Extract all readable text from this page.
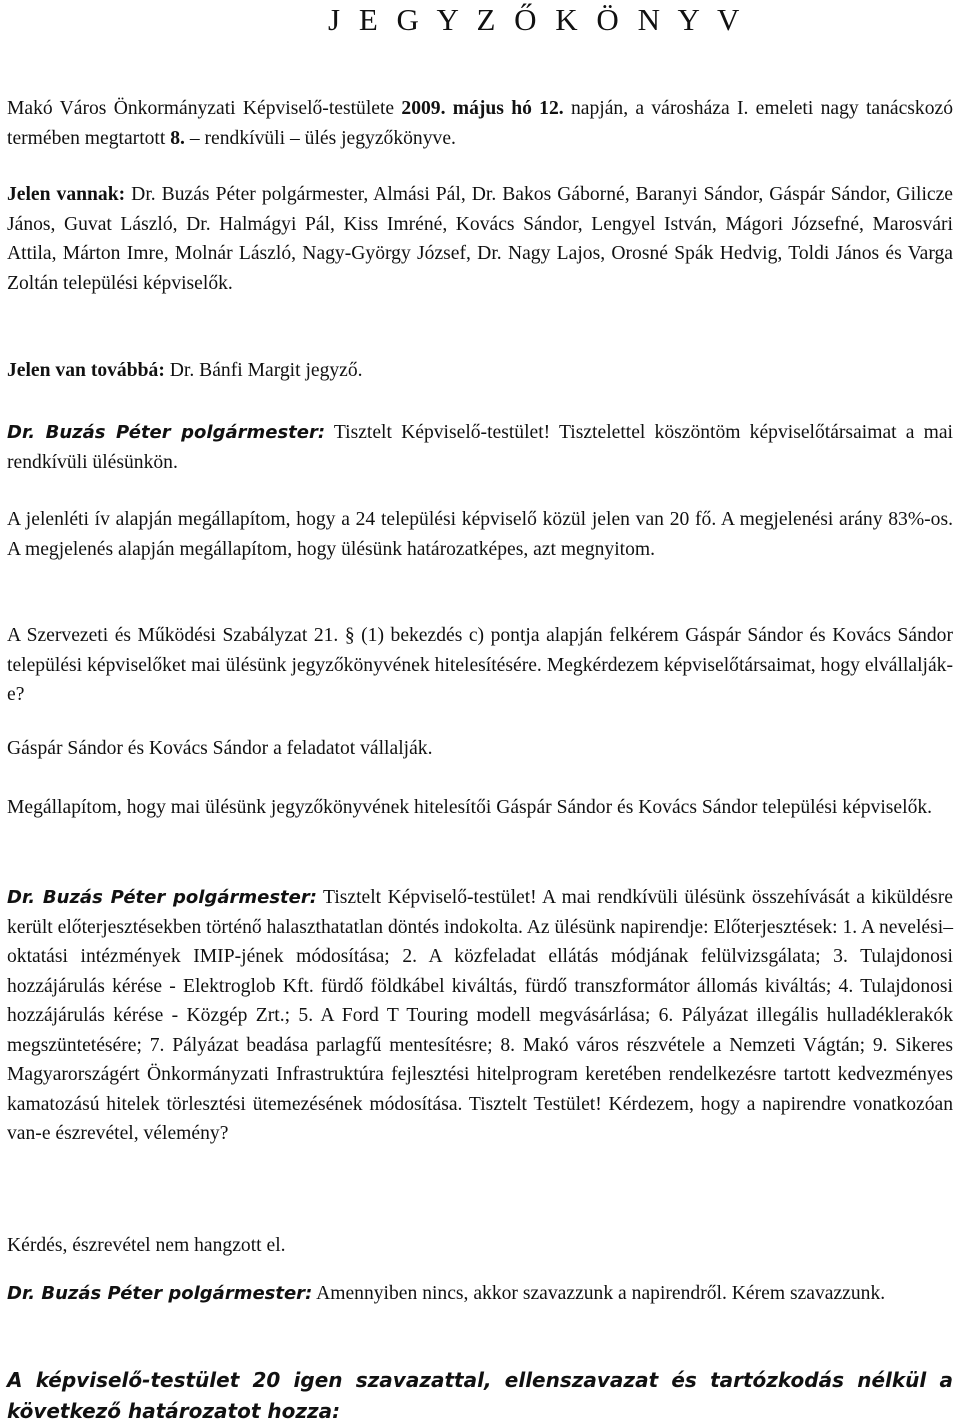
J E G Y Z Ő K Ö N Y V

Makó Város Önkormányzati Képviselő-testülete 2009. május hó 12. napján, a városháza I. emeleti nagy tanácskozó termében megtartott 8. – rendkívüli – ülés jegyzőkönyve.

Jelen vannak: Dr. Buzás Péter polgármester, Almási Pál, Dr. Bakos Gáborné, Baranyi Sándor, Gáspár Sándor, Gilicze János, Guvat László, Dr. Halmágyi Pál, Kiss Imréné, Kovács Sándor, Lengyel István, Mágori Józsefné, Marosvári Attila, Márton Imre, Molnár László, Nagy-György József, Dr. Nagy Lajos, Orosné Spák Hedvig, Toldi János és Varga Zoltán települési képviselők.

Jelen van továbbá: Dr. Bánfi Margit jegyző.

Dr. Buzás Péter polgármester: Tisztelt Képviselő-testület! Tisztelettel köszöntöm képviselőtársaimat a mai rendkívüli ülésünkön.

A jelenléti ív alapján megállapítom, hogy a 24 települési képviselő közül jelen van 20 fő. A megjelenési arány 83%-os. A megjelenés alapján megállapítom, hogy ülésünk határozatképes, azt megnyitom.

A Szervezeti és Működési Szabályzat 21. § (1) bekezdés c) pontja alapján felkérem Gáspár Sándor és Kovács Sándor települési képviselőket mai ülésünk jegyzőkönyvének hitelesítésére. Megkérdezem képviselőtársaimat, hogy elvállalják-e?

Gáspár Sándor és Kovács Sándor a feladatot vállalják.

Megállapítom, hogy mai ülésünk jegyzőkönyvének hitelesítői Gáspár Sándor és Kovács Sándor települési képviselők.

Dr. Buzás Péter polgármester: Tisztelt Képviselő-testület! A mai rendkívüli ülésünk összehívását a kiküldésre került előterjesztésekben történő halaszthatatlan döntés indokolta. Az ülésünk napirendje: Előterjesztések: 1. A nevelési–oktatási intézmények IMIP-jének módosítása; 2. A közfeladat ellátás módjának felülvizsgálata; 3. Tulajdonosi hozzájárulás kérése - Elektroglob Kft. fürdő földkábel kiváltás, fürdő transzformátor állomás kiváltás; 4. Tulajdonosi hozzájárulás kérése - Közgép Zrt.; 5. A Ford T Touring modell megvásárlása; 6. Pályázat illegális hulladéklerakók megszüntetésére; 7. Pályázat beadása parlagfű mentesítésre; 8. Makó város részvétele a Nemzeti Vágtán; 9. Sikeres Magyarországért Önkormányzati Infrastruktúra fejlesztési hitelprogram keretében rendelkezésre tartott kedvezményes kamatozású hitelek törlesztési ütemezésének módosítása. Tisztelt Testület! Kérdezem, hogy a napirendre vonatkozóan van-e észrevétel, vélemény?

Kérdés, észrevétel nem hangzott el.

Dr. Buzás Péter polgármester: Amennyiben nincs, akkor szavazzunk a napirendről. Kérem szavazzunk.

A képviselő-testület 20 igen szavazattal, ellenszavazat és tartózkodás nélkül a következő határozatot hozza:
